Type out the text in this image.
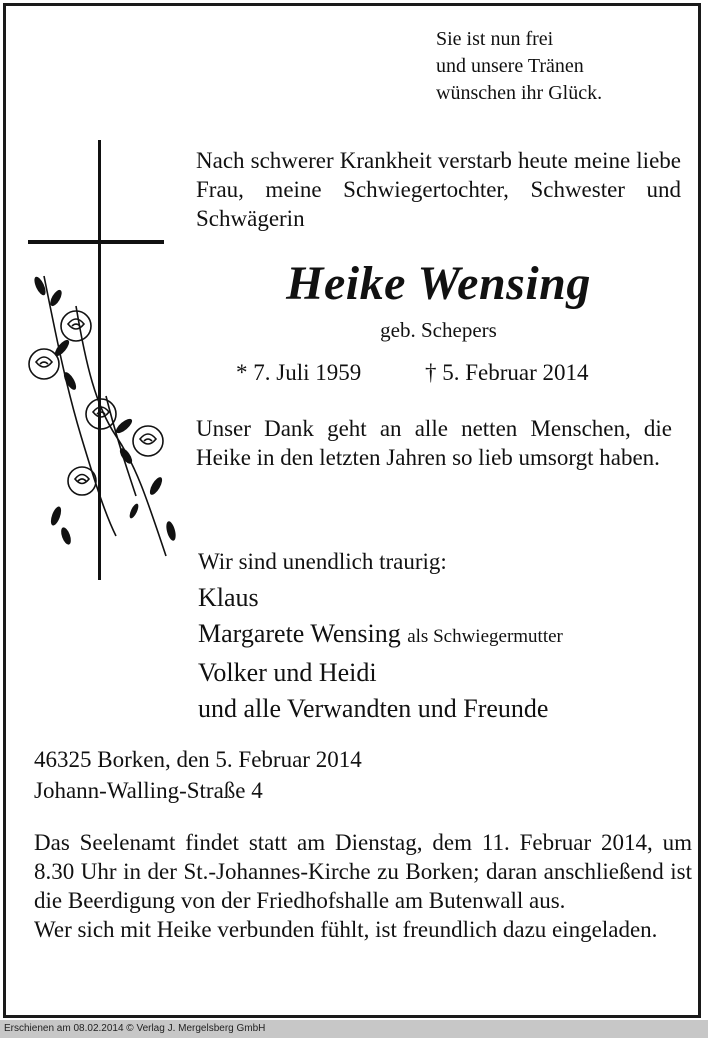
Sie ist nun frei
und unsere Tränen
wünschen ihr Glück.
Nach schwerer Krankheit verstarb heute meine liebe Frau, meine Schwiegertochter, Schwester und Schwägerin
Heike Wensing
geb. Schepers
* 7. Juli 1959	† 5. Februar 2014
Unser Dank geht an alle netten Menschen, die Heike in den letzten Jahren so lieb umsorgt haben.
Wir sind unendlich traurig:
Klaus
Margarete Wensing als Schwiegermutter
Volker und Heidi
und alle Verwandten und Freunde
46325 Borken, den 5. Februar 2014
Johann-Walling-Straße 4
Das Seelenamt findet statt am Dienstag, dem 11. Februar 2014, um 8.30 Uhr in der St.-Johannes-Kirche zu Borken; daran anschließend ist die Beerdigung von der Friedhofshalle am Butenwall aus.
Wer sich mit Heike verbunden fühlt, ist freundlich dazu eingeladen.
Erschienen am 08.02.2014 © Verlag J. Mergelsberg GmbH
